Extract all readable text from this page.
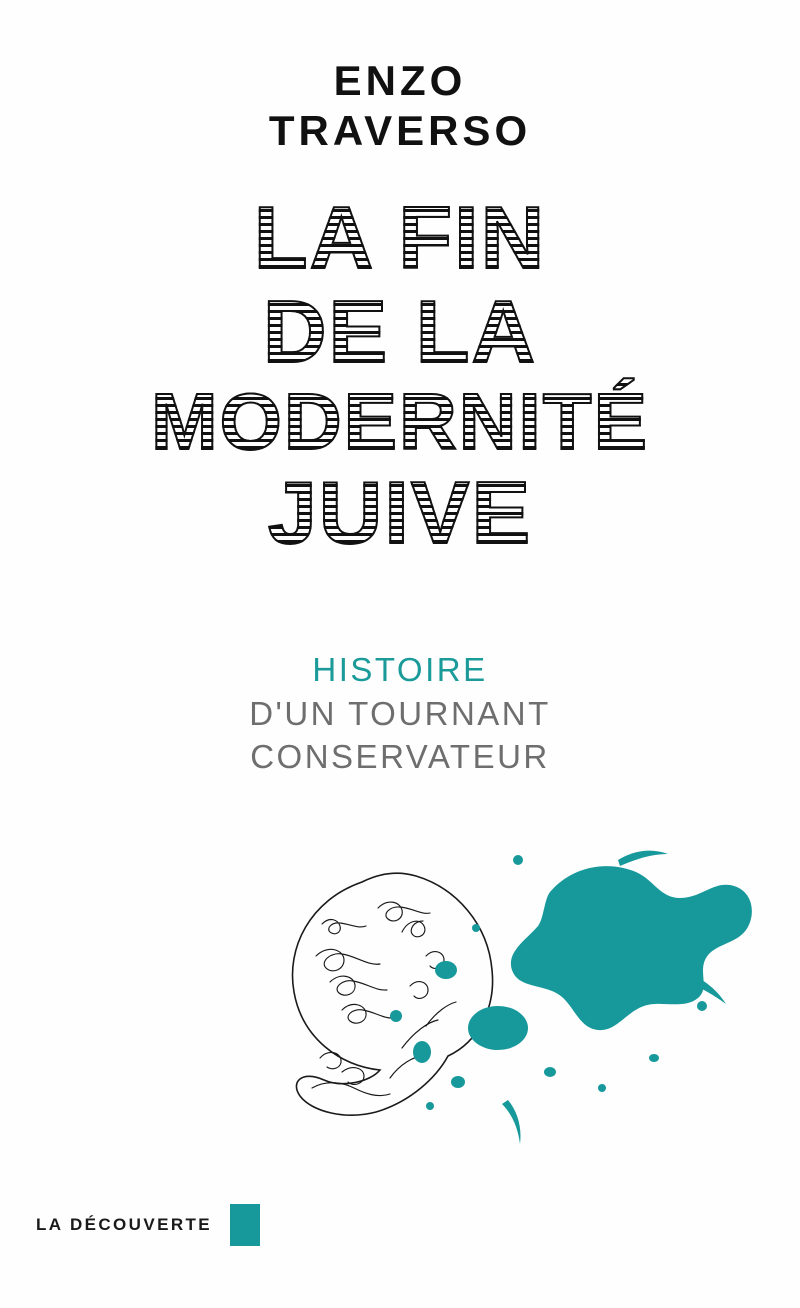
ENZO
TRAVERSO
LA FIN
DE LA
MODERNITÉ
JUIVE
HISTOIRE
D'UN TOURNANT
CONSERVATEUR
LA DÉCOUVERTE
